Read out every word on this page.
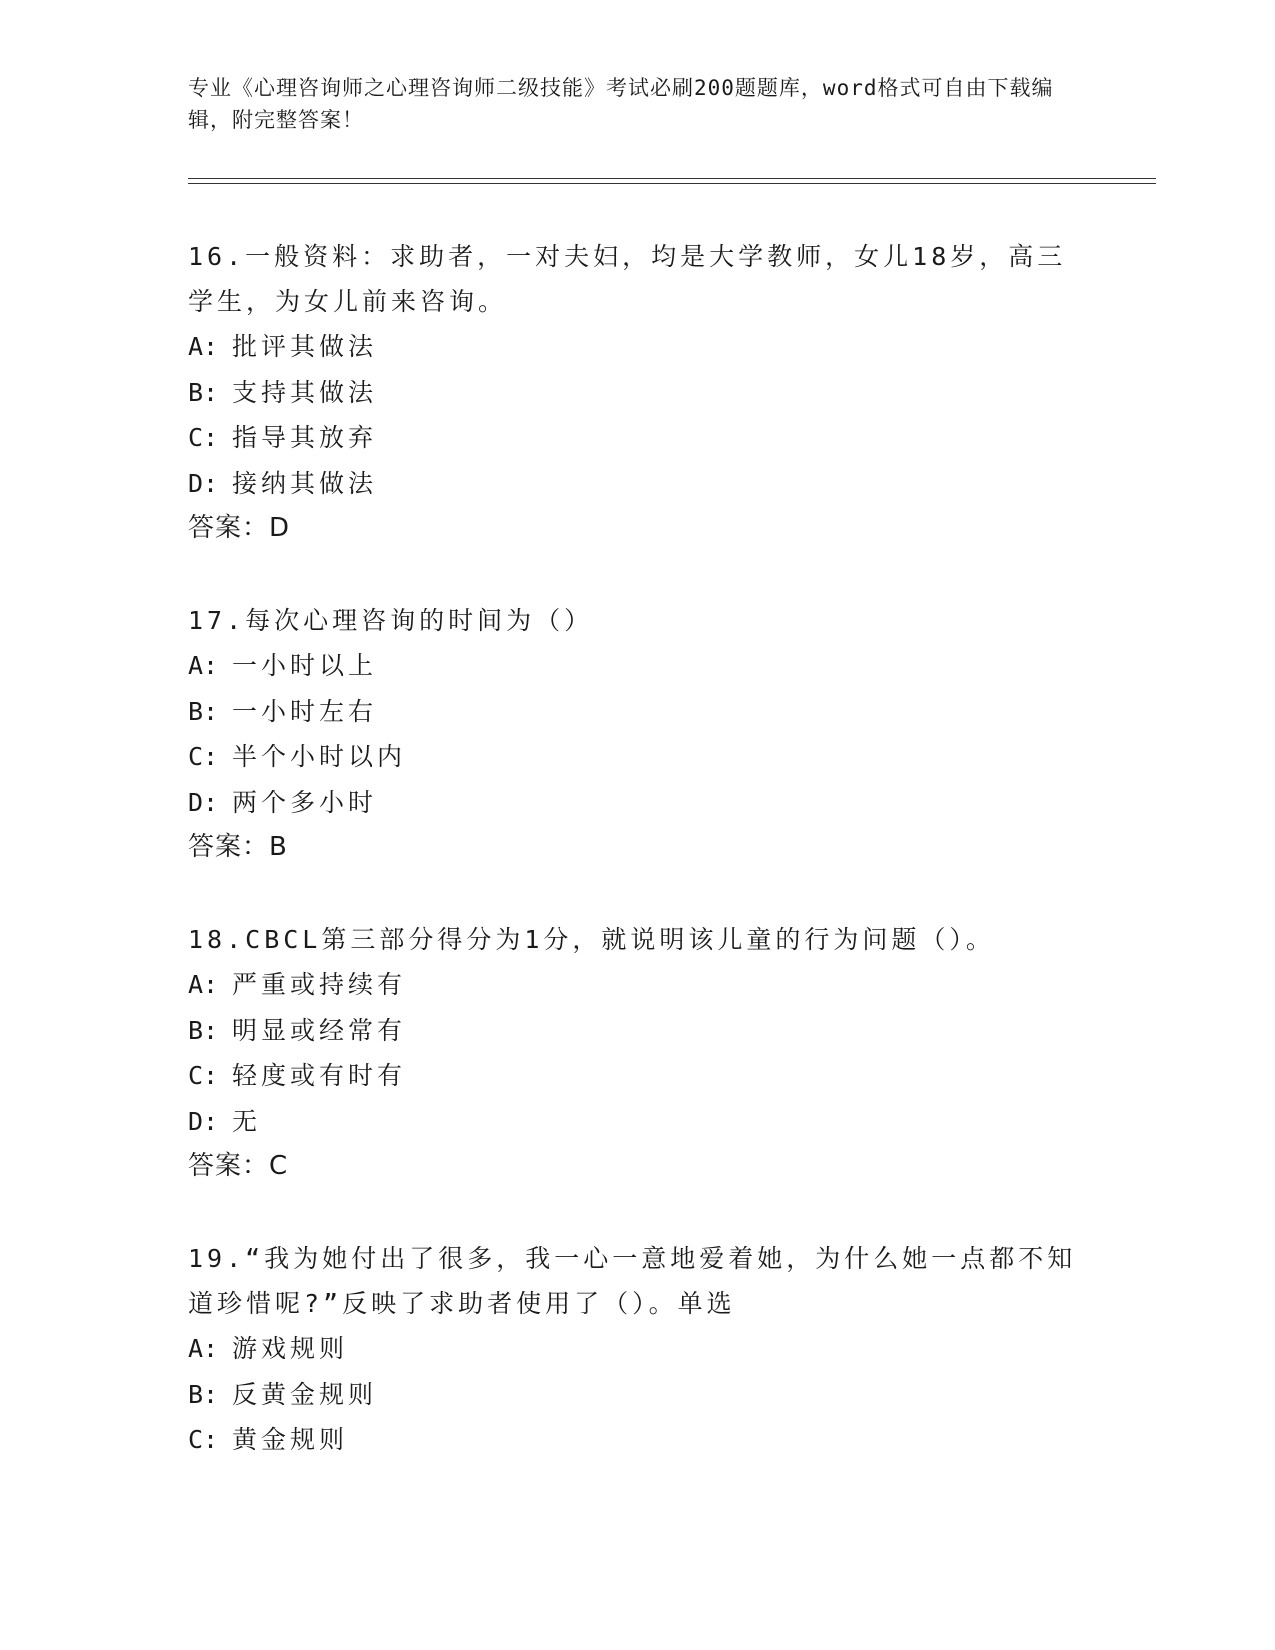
专业《心理咨询师之心理咨询师二级技能》考试必刷200题题库，word格式可自由下载编辑，附完整答案！

16.一般资料：求助者，一对夫妇，均是大学教师，女儿18岁，高三学生，为女儿前来咨询。

A: 批评其做法

B: 支持其做法

C: 指导其放弃

D: 接纳其做法

答案：D

17.每次心理咨询的时间为（）

A: 一小时以上

B: 一小时左右

C: 半个小时以内

D: 两个多小时

答案：B

18.CBCL第三部分得分为1分，就说明该儿童的行为问题（）。

A: 严重或持续有

B: 明显或经常有

C: 轻度或有时有

D: 无

答案：C

19.“我为她付出了很多，我一心一意地爱着她，为什么她一点都不知道珍惜呢?”反映了求助者使用了（）。单选

A: 游戏规则

B: 反黄金规则

C: 黄金规则
